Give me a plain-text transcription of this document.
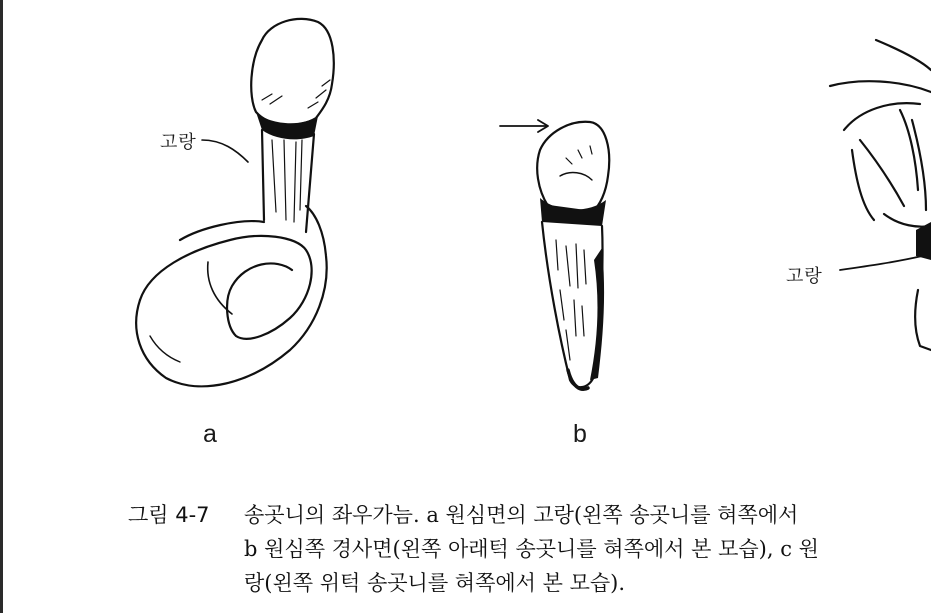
고랑
고랑
a	b
그림 4-7 송곳니의 좌우가늠. a 원심면의 고랑(왼쪽 송곳니를 혀쪽에서
b 원심쪽 경사면(왼쪽 아래턱 송곳니를 혀쪽에서 본 모습), c 원
랑(왼쪽 위턱 송곳니를 혀쪽에서 본 모습).
